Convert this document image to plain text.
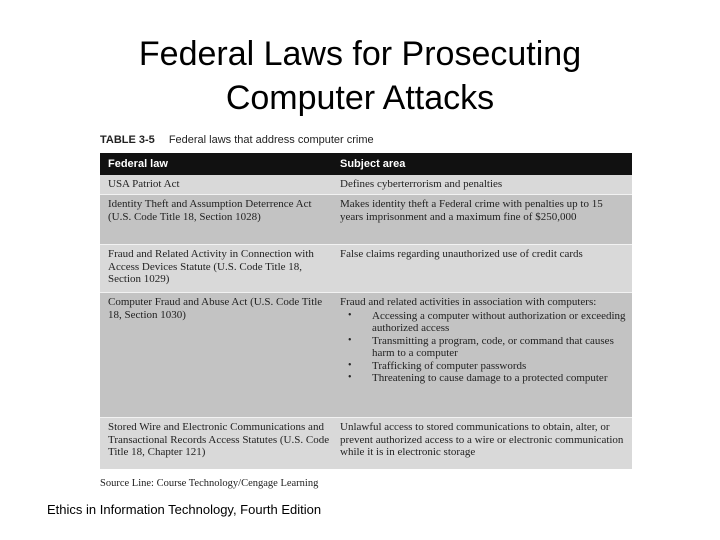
Federal Laws for Prosecuting
Computer Attacks
TABLE 3-5 Federal laws that address computer crime
Federal law	Subject area
USA Patriot Act	Defines cyberterrorism and penalties
Identity Theft and Assumption Deterrence Act (U.S. Code Title 18, Section 1028)
Makes identity theft a Federal crime with penalties up to 15 years imprisonment and a maximum fine of $250,000
Fraud and Related Activity in Connection with Access Devices Statute (U.S. Code Title 18, Section 1029)
False claims regarding unauthorized use of credit cards
Computer Fraud and Abuse Act (U.S. Code Title 18, Section 1030)
Fraud and related activities in association with computers:
• Accessing a computer without authorization or exceeding authorized access
• Transmitting a program, code, or command that causes harm to a computer
• Trafficking of computer passwords
• Threatening to cause damage to a protected computer
Stored Wire and Electronic Communications and Transactional Records Access Statutes (U.S. Code Title 18, Chapter 121)
Unlawful access to stored communications to obtain, alter, or prevent authorized access to a wire or electronic communication while it is in electronic storage
Source Line: Course Technology/Cengage Learning
Ethics in Information Technology, Fourth Edition
